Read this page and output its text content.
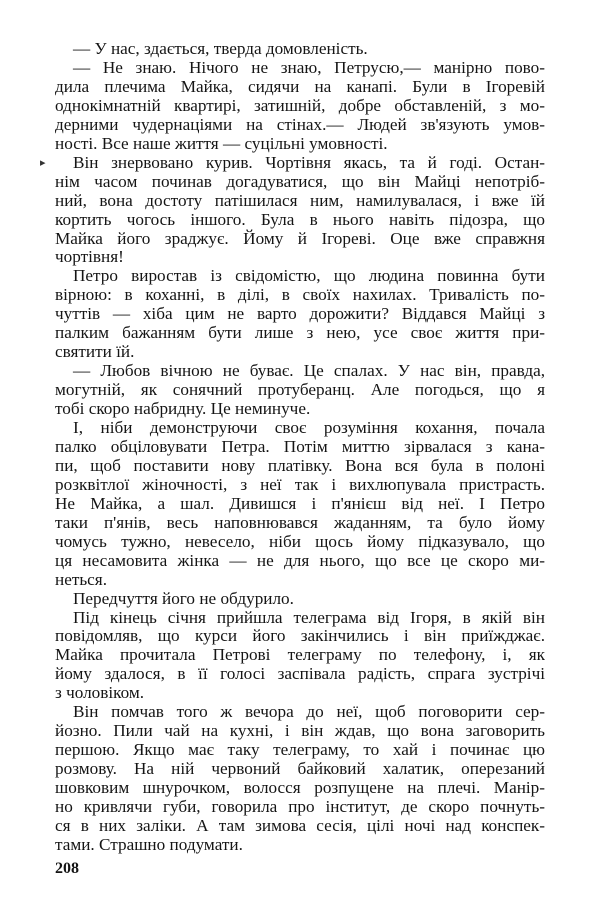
▸
— У нас, здається, тверда домовленість.
— Не знаю. Нічого не знаю, Петрусю,— манірно пово-
дила плечима Майка, сидячи на канапі. Були в Ігоревій
однокімнатній квартирі, затишній, добре обставленій, з мо-
дерними чудернаціями на стінах.— Людей зв'язують умов-
ності. Все наше життя — суцільні умовності.
Він знервовано курив. Чортівня якась, та й годі. Остан-
нім часом починав догадуватися, що він Майці непотріб-
ний, вона достоту патішилася ним, намилувалася, і вже їй
кортить чогось іншого. Була в нього навіть підозра, що
Майка його зраджує. Йому й Ігореві. Оце вже справжня
чортівня!
Петро виростав із свідомістю, що людина повинна бути
вірною: в коханні, в ділі, в своїх нахилах. Тривалість по-
чуттів — хіба цим не варто дорожити? Віддався Майці з
палким бажанням бути лише з нею, усе своє життя при-
святити їй.
— Любов вічною не буває. Це спалах. У нас він, правда,
могутній, як сонячний протуберанц. Але погодься, що я
тобі скоро набридну. Це неминуче.
І, ніби демонструючи своє розуміння кохання, почала
палко обціловувати Петра. Потім миттю зірвалася з кана-
пи, щоб поставити нову платівку. Вона вся була в полоні
розквітлої жіночності, з неї так і вихлюпувала пристрасть.
Не Майка, а шал. Дивишся і п'янієш від неї. І Петро
таки п'янів, весь наповнювався жаданням, та було йому
чомусь тужно, невесело, ніби щось йому підказувало, що
ця несамовита жінка — не для нього, що все це скоро ми-
неться.
Передчуття його не обдурило.
Під кінець січня прийшла телеграма від Ігоря, в якій він
повідомляв, що курси його закінчились і він приїжджає.
Майка прочитала Петрові телеграму по телефону, і, як
йому здалося, в її голосі заспівала радість, спрага зустрічі
з чоловіком.
Він помчав того ж вечора до неї, щоб поговорити сер-
йозно. Пили чай на кухні, і він ждав, що вона заговорить
першою. Якщо має таку телеграму, то хай і починає цю
розмову. На ній червоний байковий халатик, оперезаний
шовковим шнурочком, волосся розпущене на плечі. Манір-
но кривлячи губи, говорила про інститут, де скоро почнуть-
ся в них заліки. А там зимова сесія, цілі ночі над конспек-
тами. Страшно подумати.
208
